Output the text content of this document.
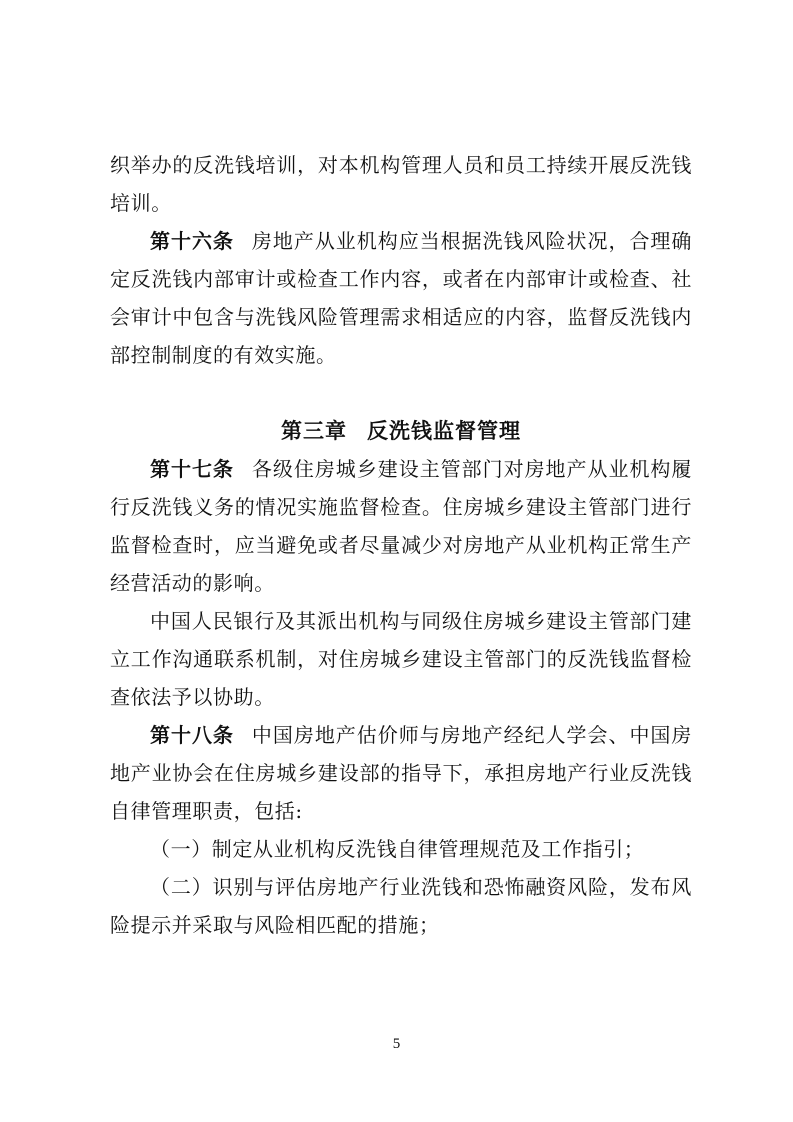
织举办的反洗钱培训，对本机构管理人员和员工持续开展反洗钱培训。

第十六条 房地产从业机构应当根据洗钱风险状况，合理确定反洗钱内部审计或检查工作内容，或者在内部审计或检查、社会审计中包含与洗钱风险管理需求相适应的内容，监督反洗钱内部控制制度的有效实施。

第三章 反洗钱监督管理

第十七条 各级住房城乡建设主管部门对房地产从业机构履行反洗钱义务的情况实施监督检查。住房城乡建设主管部门进行监督检查时，应当避免或者尽量减少对房地产从业机构正常生产经营活动的影响。

中国人民银行及其派出机构与同级住房城乡建设主管部门建立工作沟通联系机制，对住房城乡建设主管部门的反洗钱监督检查依法予以协助。

第十八条 中国房地产估价师与房地产经纪人学会、中国房地产业协会在住房城乡建设部的指导下，承担房地产行业反洗钱自律管理职责，包括:

（一）制定从业机构反洗钱自律管理规范及工作指引；

（二）识别与评估房地产行业洗钱和恐怖融资风险，发布风险提示并采取与风险相匹配的措施；

5
